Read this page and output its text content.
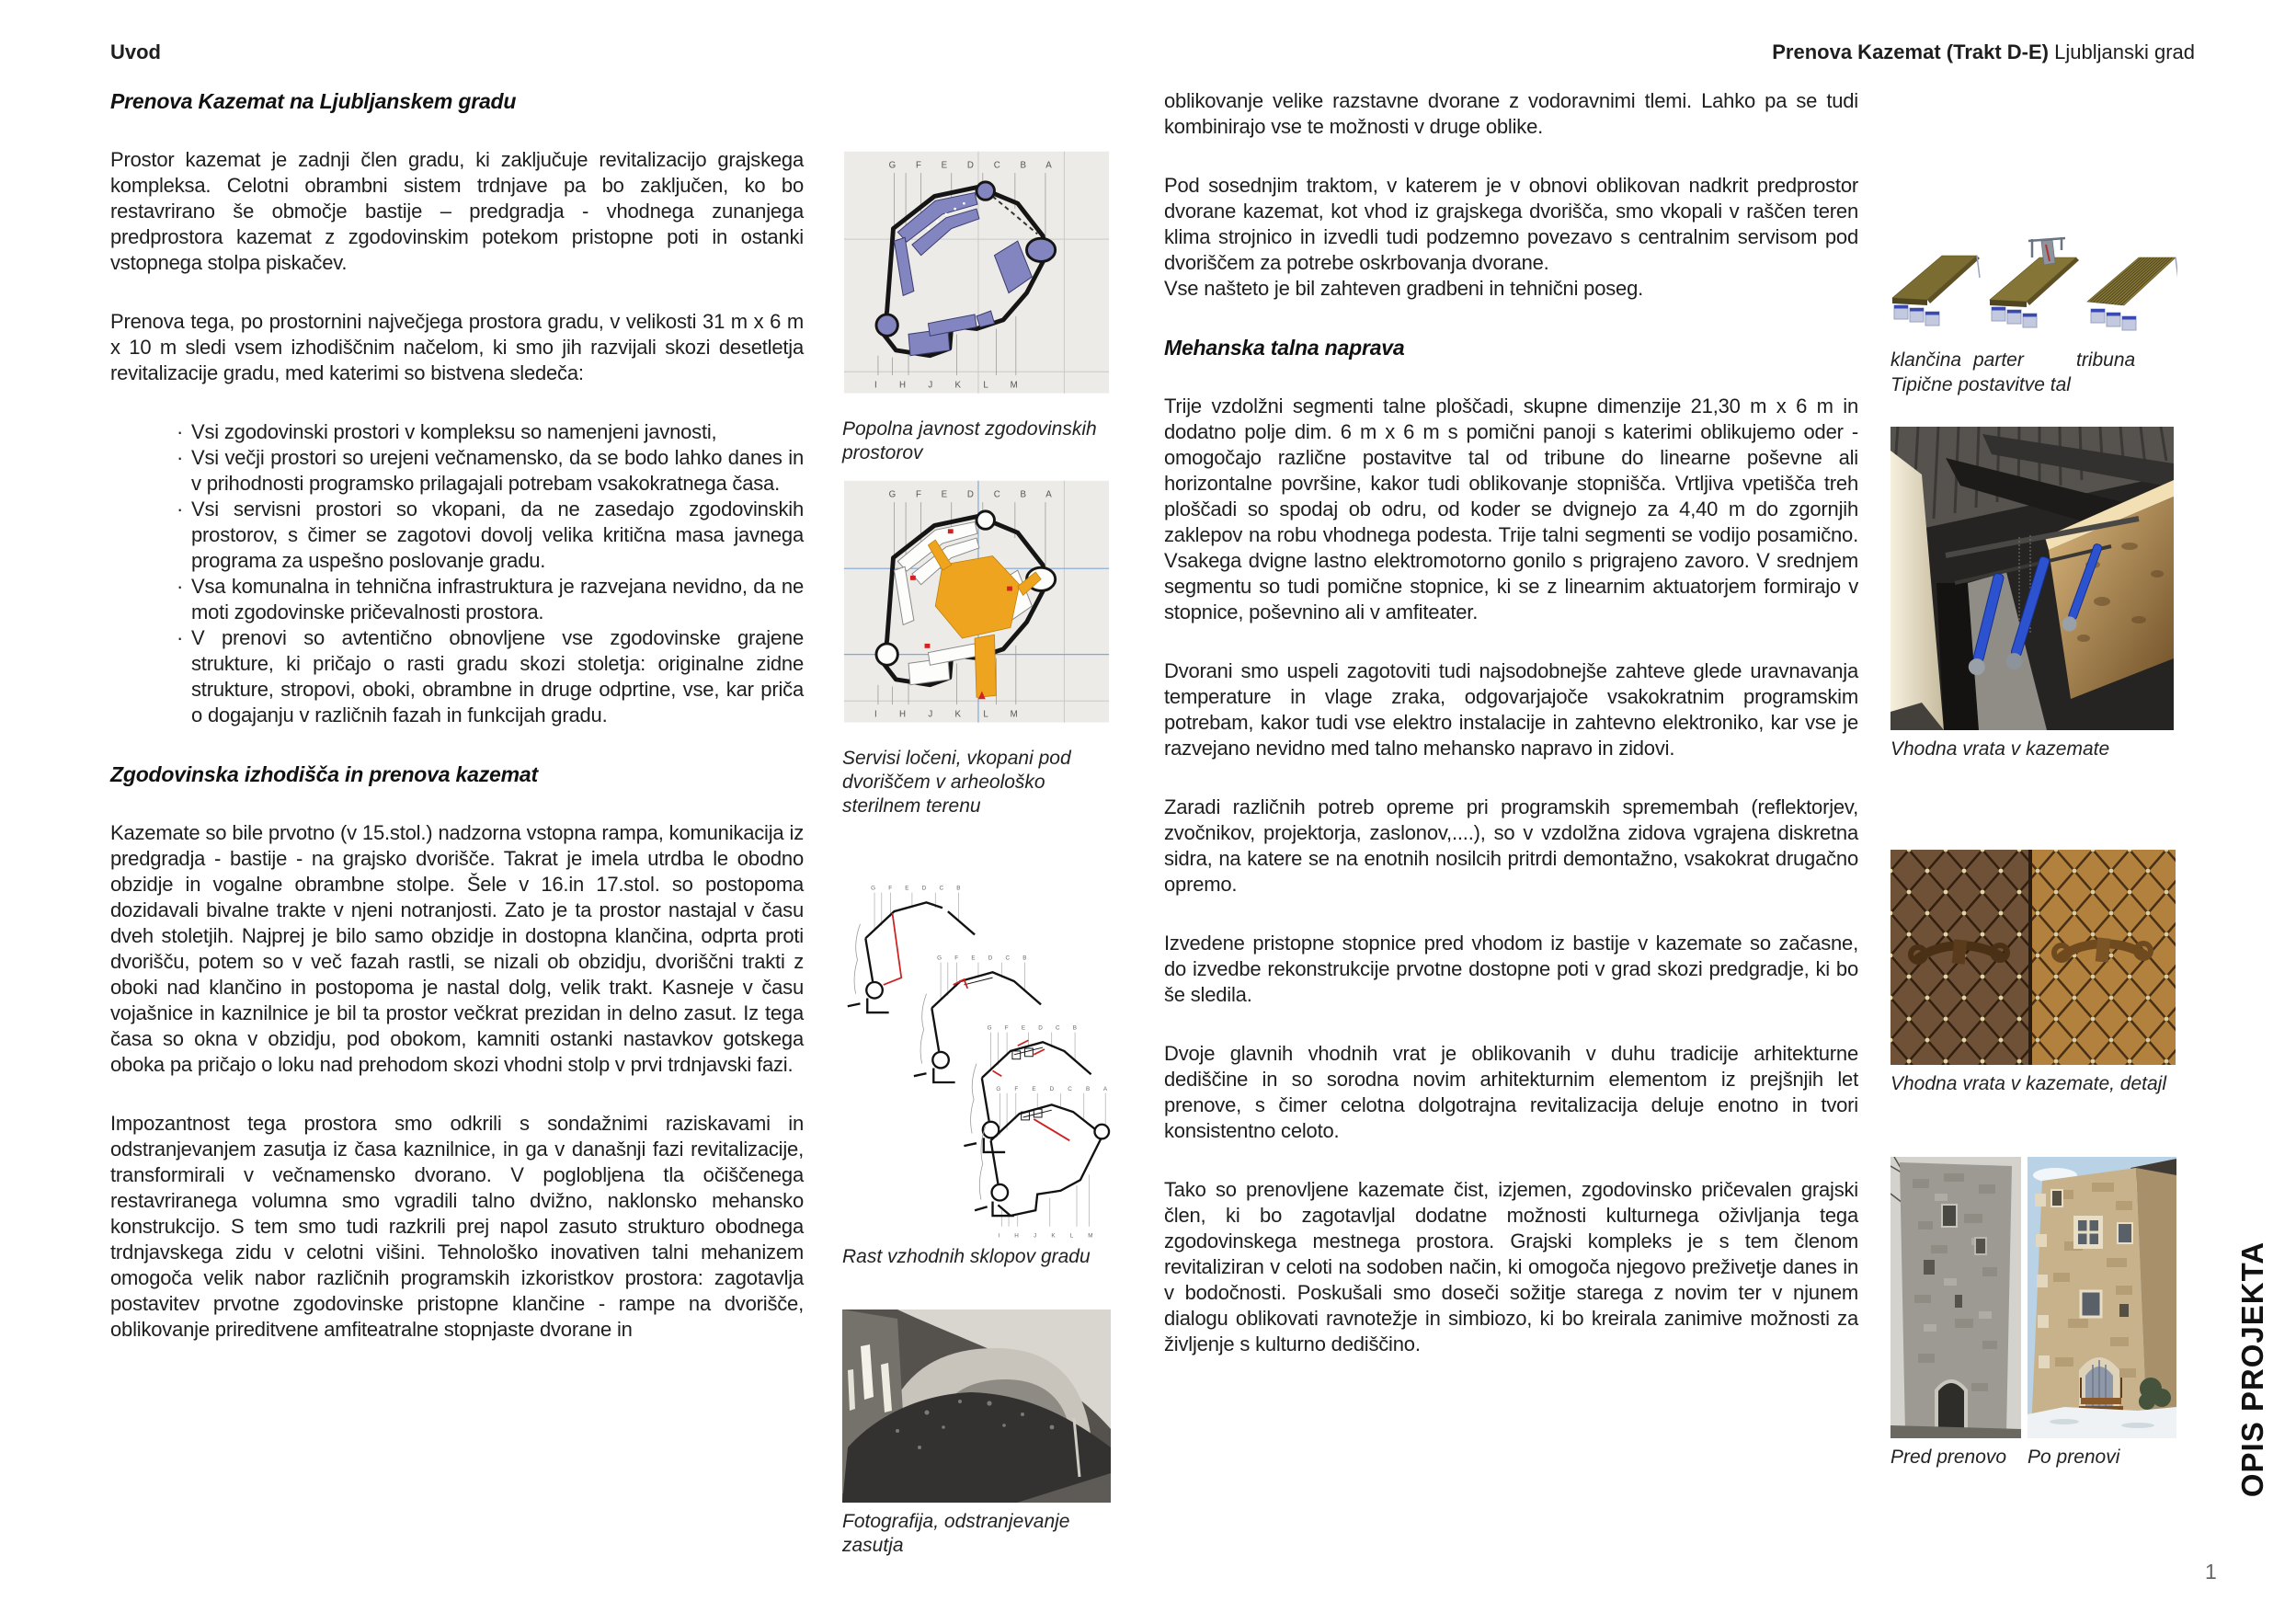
Uvod	Prenova Kazemat (Trakt D-E) Ljubljanski grad
Prenova Kazemat na Ljubljanskem gradu

Prostor kazemat je zadnji člen gradu, ki zaključuje revitalizacijo grajskega kompleksa. Celotni obrambni sistem trdnjave pa bo zaključen, ko bo restavrirano še območje bastije – predgradja - vhodnega zunanjega predprostora kazemat z zgodovinskim potekom pristopne poti in ostanki vstopnega stolpa piskačev.

Prenova tega, po prostornini največjega prostora gradu, v velikosti 31 m x 6 m x 10 m sledi vsem izhodiščnim načelom, ki smo jih razvijali skozi desetletja revitalizacije gradu, med katerimi so bistvena sledeča:

· Vsi zgodovinski prostori v kompleksu so namenjeni javnosti,
· Vsi večji prostori so urejeni večnamensko, da se bodo lahko danes in v prihodnosti programsko prilagajali potrebam vsakokratnega časa.
· Vsi servisni prostori so vkopani, da ne zasedajo zgodovinskih prostorov, s čimer se zagotovi dovolj velika kritična masa javnega programa za uspešno poslovanje gradu.
· Vsa komunalna in tehnična infrastruktura je razvejana nevidno, da ne moti zgodovinske pričevalnosti prostora.
· V prenovi so avtentično obnovljene vse zgodovinske grajene strukture, ki pričajo o rasti gradu skozi stoletja: originalne zidne strukture, stropovi, oboki, obrambne in druge odprtine, vse, kar priča o dogajanju v različnih fazah in funkcijah gradu.
Zgodovinska izhodišča in prenova kazemat

Kazemate so bile prvotno (v 15.stol.) nadzorna vstopna rampa, komunikacija iz predgradja - bastije - na grajsko dvorišče. Takrat je imela utrdba le obodno obzidje in vogalne obrambne stolpe. Šele v 16.in 17.stol. so postopoma dozidavali bivalne trakte v njeni notranjosti. Zato je ta prostor nastajal v času dveh stoletjih. Najprej je bilo samo obzidje in dostopna klančina, odprta proti dvorišču, potem so v več fazah rastli, se nizali ob obzidju, dvoriščni trakti z oboki nad klančino in postopoma je nastal dolg, velik trakt. Kasneje v času vojašnice in kaznilnice je bil ta prostor večkrat prezidan in delno zasut. Iz tega časa so okna v obzidju, pod obokom, kamniti ostanki nastavkov gotskega oboka pa pričajo o loku nad prehodom skozi vhodni stolp v prvi trdnjavski fazi.

Impozantnost tega prostora smo odkrili s sondažnimi raziskavami in odstranjevanjem zasutja iz časa kaznilnice, in ga v današnji fazi revitalizacije, transformirali v večnamensko dvorano. V poglobljena tla očiščenega restavriranega volumna smo vgradili talno dvižno, naklonsko mehansko konstrukcijo. S tem smo tudi razkrili prej napol zasuto strukturo obodnega trdnjavskega zidu v celotni višini. Tehnološko inovativen talni mehanizem omogoča velik nabor različnih programskih izkoristkov prostora: zagotavlja postavitev prvotne zgodovinske pristopne klančine - rampe na dvorišče, oblikovanje prireditvene amfiteatralne stopnjaste dvorane in

G F E D C B A
I H J K L M
Popolna javnost zgodovinskih prostorov
G F E D C B A
I H J K L M
Servisi ločeni, vkopani pod dvoriščem v arheološko sterilnem terenu
G F E D C B
G F E D C B
G F E D C B
G F E D C B A
I H J K L M
Rast vzhodnih sklopov gradu
Fotografija, odstranjevanje zasutja

oblikovanje velike razstavne dvorane z vodoravnimi tlemi. Lahko pa se tudi kombinirajo vse te možnosti v druge oblike.

Pod sosednjim traktom, v katerem je v obnovi oblikovan nadkrit predprostor dvorane kazemat, kot vhod iz grajskega dvorišča, smo vkopali v raščen teren klima strojnico in izvedli tudi podzemno povezavo s centralnim servisom pod dvoriščem za potrebe oskrbovanja dvorane.

Vse našteto je bil zahteven gradbeni in tehnični poseg.

Mehanska talna naprava

Trije vzdolžni segmenti talne ploščadi, skupne dimenzije 21,30 m x 6 m in dodatno polje dim. 6 m x 6 m s pomični panoji s katerimi oblikujemo oder - omogočajo različne postavitve tal od tribune do linearne poševne ali horizontalne površine, kakor tudi oblikovanje stopnišča. Vrtljiva vpetišča treh ploščadi so spodaj ob odru, od koder se dvignejo za 4,40 m do zgornjih zaklepov na robu vhodnega podesta. Trije talni segmenti se vodijo posamično. Vsakega dvigne lastno elektromotorno gonilo s prigrajeno zavoro. V srednjem segmentu so tudi pomične stopnice, ki se z linearnim aktuatorjem formirajo v stopnice, poševnino ali v amfiteater.

Dvorani smo uspeli zagotoviti tudi najsodobnejše zahteve glede uravnavanja temperature in vlage zraka, odgovarjajoče vsakokratnim programskim potrebam, kakor tudi vse elektro instalacije in zahtevno elektroniko, kar vse je razvejano nevidno med talno mehansko napravo in zidovi.

Zaradi različnih potreb opreme pri programskih spremembah (reflektorjev, zvočnikov, projektorja, zaslonov,....), so v vzdolžna zidova vgrajena diskretna sidra, na katere se na enotnih nosilcih pritrdi demontažno, vsakokrat drugačno opremo.

Izvedene pristopne stopnice pred vhodom iz bastije v kazemate so začasne, do izvedbe rekonstrukcije prvotne dostopne poti v grad skozi predgradje, ki bo še sledila.

Dvoje glavnih vhodnih vrat je oblikovanih v duhu tradicije arhitekturne dediščine in so sorodna novim arhitekturnim elementom iz prejšnjih let prenove, s čimer celotna dolgotrajna revitalizacija deluje enotno in tvori konsistentno celoto.

Tako so prenovljene kazemate čist, izjemen, zgodovinsko pričevalen grajski člen, ki bo zagotavljal dodatne možnosti kulturnega oživljanja tega zgodovinskega mestnega prostora. Grajski kompleks je s tem členom revitaliziran v celoti na sodoben način, ki omogoča njegovo preživetje danes in v bodočnosti. Poskušali smo doseči sožitje starega z novim ter v njunem dialogu oblikovati ravnotežje in simbiozo, ki bo kreirala zanimive možnosti za življenje s kulturno dediščino.

klančina parter	tribuna
Tipične postavitve tal
Vhodna vrata v kazemate
Vhodna vrata v kazemate, detajl
Pred prenovo	Po prenovi	OPIS PROJEKTA
1
